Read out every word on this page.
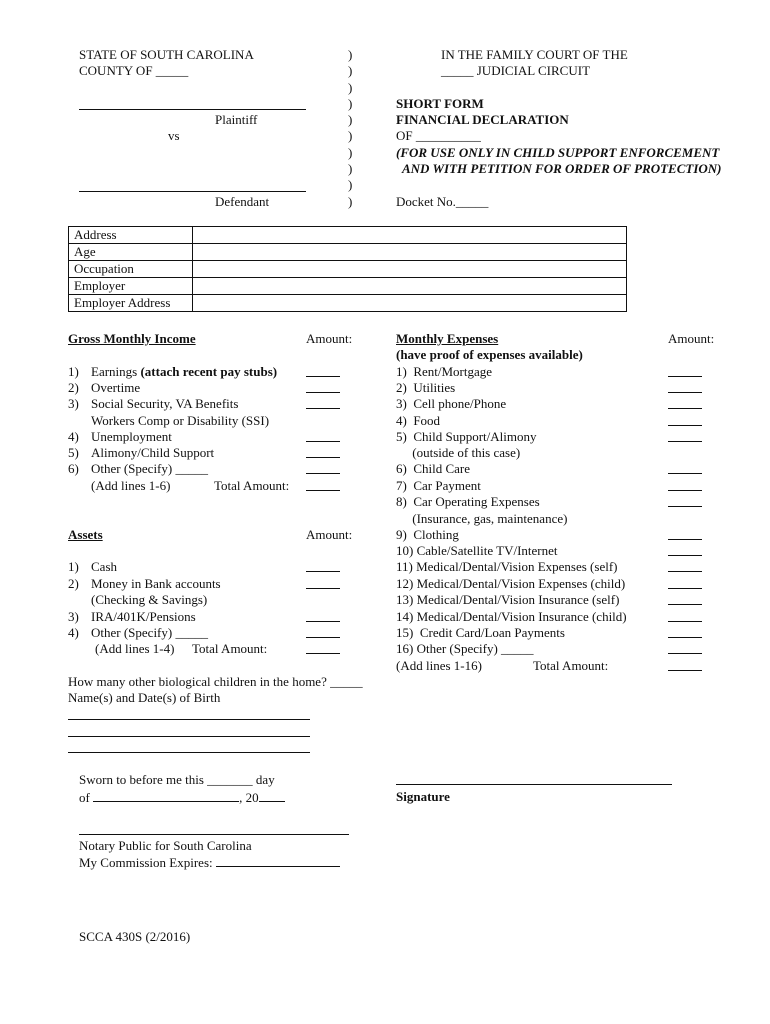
STATE OF SOUTH CAROLINA
COUNTY OF _____
Plaintiff
vs
Defendant
)
)
)
)
)
)
)
)
)
)
IN THE FAMILY COURT OF THE
_____ JUDICIAL CIRCUIT
SHORT FORM
FINANCIAL DECLARATION
OF __________
(FOR USE ONLY IN CHILD SUPPORT ENFORCEMENT
AND WITH PETITION FOR ORDER OF PROTECTION)
Docket No._____
Address	
Age	
Occupation	
Employer	
Employer Address	
Gross Monthly Income	Amount:
1) Earnings (attach recent pay stubs)
2) Overtime
3) Social Security, VA Benefits
Workers Comp or Disability (SSI)
4) Unemployment
5) Alimony/Child Support
6) Other (Specify) _____
(Add lines 1-6)	Total Amount:
Assets	Amount:
1) Cash
2) Money in Bank accounts
(Checking & Savings)
3) IRA/401K/Pensions
4) Other (Specify) _____
(Add lines 1-4) Total Amount:
Monthly Expenses
(have proof of expenses available)
Amount:
1)  Rent/Mortgage
2)  Utilities
3)  Cell phone/Phone
4)  Food
5)  Child Support/Alimony
(outside of this case)
6)  Child Care
7)  Car Payment
8)  Car Operating Expenses
(Insurance, gas, maintenance)
9)  Clothing
10) Cable/Satellite TV/Internet
11) Medical/Dental/Vision Expenses (self)
12) Medical/Dental/Vision Expenses (child)
13) Medical/Dental/Vision Insurance (self)
14) Medical/Dental/Vision Insurance (child)
15)  Credit Card/Loan Payments
16) Other (Specify) _____
(Add lines 1-16)	Total Amount:
How many other biological children in the home? _____
Name(s) and Date(s) of Birth
Sworn to before me this _______ day
of	, 20	Signature
Notary Public for South Carolina
My Commission Expires:
SCCA 430S (2/2016)
